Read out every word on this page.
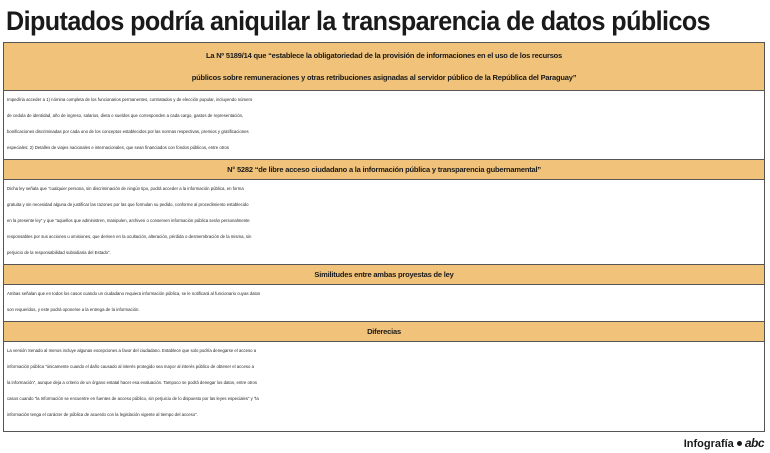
Diputados podría aniquilar la transparencia de datos públicos
La Nº 5189/14 que “establece la obligatoriedad de la provisión de informaciones en el uso de los recursos
públicos sobre remuneraciones y otras retribuciones asignadas al servidor público de la República del Paraguay”
Impedíria acceder a 1) nómina completa de los funcionarios permanentes, contratados y de elección popular, incluyendo número
de cedula de identidad, año de ingreso, salarios, dieta o sueldos que corresponden a cada cargo, gastos de representación,
bonificaciones discriminadas por cada uno de los conceptos establecidos por las normas respectivas, premios y gratificaciones
especiales; 2) Detalles de viajes nacionales e internacionales, que sean financiados con fondos públicos, entre otros
N° 5282 “de libre acceso ciudadano a la información pública y transparencia gubernamental”
Dicha ley señala que “cualquier persona, sin discriminación de ningún tipo, podrá acceder a la información pública, en forma
gratuita y sin necesidad alguna de justificar las razones por las que formulan su pedido, conforme al procedimiento establecido
en la presente ley” y que “aquellos que administren, manipulen, archiven o conserven información pública serán personalmente
responsables por sus acciones u omisiones, que deriven en la ocultación, alteración, pérdida o desmembración de la misma, sin
perjuicio de la responsabilidad subsidiaria del Estado”.
Similitudes entre ambas proyestas de ley
Ambas señalan que en todos los casos cuando un ciudadano requiera información pública, se le notificará al funcionario cuyas datos
son requeridos, y este podrá oponerse a la entrega de la información.
Diferecias
La versión Senado al menos incluye algunas excepciones a favor del ciudadano. Establece que solo podría denegarse el acceso a
información pública “únicamente cuando el daño causado al interés protegido sea mayor al interés público de obtener el acceso a
la información”, aunque deja a criterio de un órgano estatal hacer esa evaluación. Tampoco se podrá denegar los datos, entre otros
casos cuando “la Información se encuentre en fuentes de acceso público, sin perjuicio de lo dispuesto por las leyes especiales” y “la
información tenga el carácter de pública de acuerdo con la legislación vigente al tiempo del acceso”.
Infografía abc
